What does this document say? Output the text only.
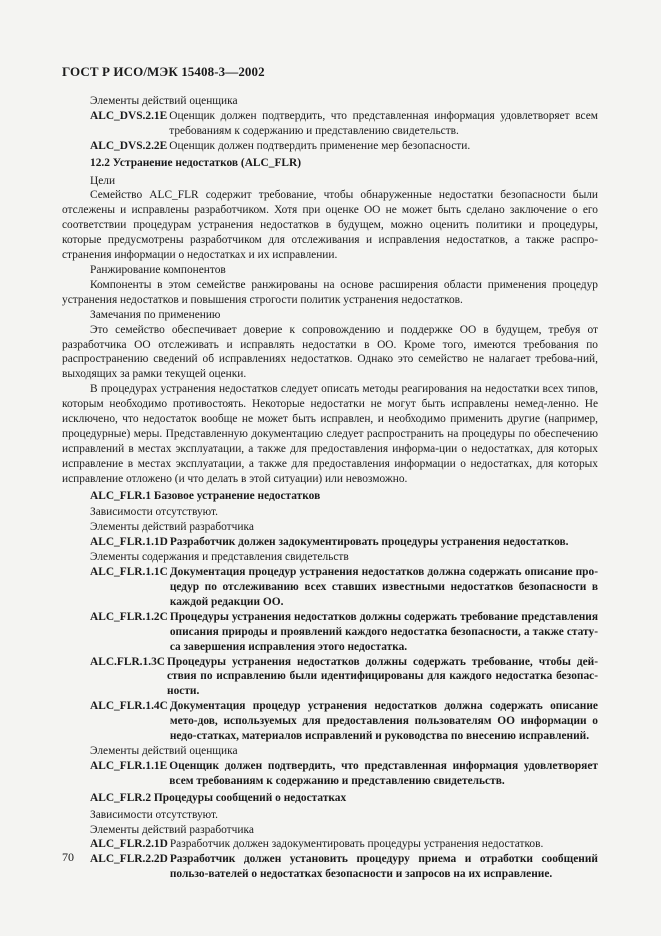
ГОСТ Р ИСО/МЭК 15408-3—2002

Элементы действий оценщика

ALC_DVS.2.1E Оценщик должен подтвердить, что представленная информация удовлетворяет всем требованиям к содержанию и представлению свидетельств.
ALC_DVS.2.2E Оценщик должен подтвердить применение мер безопасности.

12.2 Устранение недостатков (ALC_FLR)

Цели

Семейство ALC_FLR содержит требование, чтобы обнаруженные недостатки безопасности были отслежены и исправлены разработчиком. Хотя при оценке ОО не может быть сделано заключение о его соответствии процедурам устранения недостатков в будущем, можно оценить политики и процедуры, которые предусмотрены разработчиком для отслеживания и исправления недостатков, а также распро-странения информации о недостатках и их исправлении.

Ранжирование компонентов

Компоненты в этом семействе ранжированы на основе расширения области применения процедур устранения недостатков и повышения строгости политик устранения недостатков.

Замечания по применению

Это семейство обеспечивает доверие к сопровождению и поддержке ОО в будущем, требуя от разработчика ОО отслеживать и исправлять недостатки в ОО. Кроме того, имеются требования по распространению сведений об исправлениях недостатков. Однако это семейство не налагает требова-ний, выходящих за рамки текущей оценки.

В процедурах устранения недостатков следует описать методы реагирования на недостатки всех типов, которым необходимо противостоять. Некоторые недостатки не могут быть исправлены немед-ленно. Не исключено, что недостаток вообще не может быть исправлен, и необходимо применить другие (например, процедурные) меры. Представленную документацию следует распространить на процедуры по обеспечению исправлений в местах эксплуатации, а также для предоставления информа-ции о недостатках, для которых исправление в местах эксплуатации, а также для предоставления информации о недостатках, для которых исправление отложено (и что делать в этой ситуации) или невозможно.

ALC_FLR.1 Базовое устранение недостатков

Зависимости отсутствуют.

Элементы действий разработчика

ALC_FLR.1.1D Разработчик должен задокументировать процедуры устранения недостатков.

Элементы содержания и представления свидетельств

ALC_FLR.1.1C Документация процедур устранения недостатков должна содержать описание про-цедур по отслеживанию всех ставших известными недостатков безопасности в каждой редакции ОО.
ALC_FLR.1.2C Процедуры устранения недостатков должны содержать требование представления описания природы и проявлений каждого недостатка безопасности, а также стату-са завершения исправления этого недостатка.
ALC.FLR.1.3C Процедуры устранения недостатков должны содержать требование, чтобы дей-ствия по исправлению были идентифицированы для каждого недостатка безопас-ности.
ALC_FLR.1.4C Документация процедур устранения недостатков должна содержать описание мето-дов, используемых для предоставления пользователям ОО информации о недо-статках, материалов исправлений и руководства по внесению исправлений.

Элементы действий оценщика

ALC_FLR.1.1E Оценщик должен подтвердить, что представленная информация удовлетворяет всем требованиям к содержанию и представлению свидетельств.

ALC_FLR.2 Процедуры сообщений о недостатках

Зависимости отсутствуют.

Элементы действий разработчика

ALC_FLR.2.1D Разработчик должен задокументировать процедуры устранения недостатков.
ALC_FLR.2.2D Разработчик должен установить процедуру приема и отработки сообщений пользо-вателей о недостатках безопасности и запросов на их исправление.
70
